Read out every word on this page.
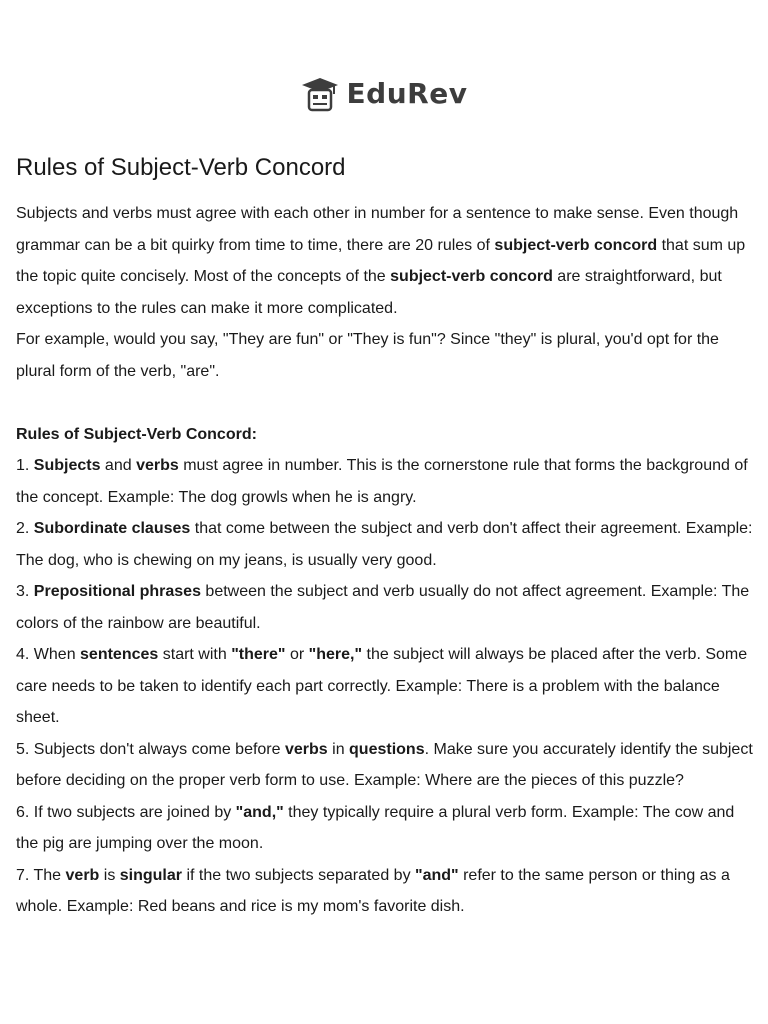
EduRev
Rules of Subject-Verb Concord

Subjects and verbs must agree with each other in number for a sentence to make sense. Even though grammar can be a bit quirky from time to time, there are 20 rules of subject-verb concord that sum up the topic quite concisely. Most of the concepts of the subject-verb concord are straightforward, but exceptions to the rules can make it more complicated.

For example, would you say, "They are fun" or "They is fun"? Since "they" is plural, you'd opt for the plural form of the verb, "are".

Rules of Subject-Verb Concord:

1. Subjects and verbs must agree in number. This is the cornerstone rule that forms the background of the concept. Example: The dog growls when he is angry.

2. Subordinate clauses that come between the subject and verb don't affect their agreement. Example: The dog, who is chewing on my jeans, is usually very good.

3. Prepositional phrases between the subject and verb usually do not affect agreement. Example: The colors of the rainbow are beautiful.

4. When sentences start with "there" or "here," the subject will always be placed after the verb. Some care needs to be taken to identify each part correctly. Example: There is a problem with the balance sheet.

5. Subjects don't always come before verbs in questions. Make sure you accurately identify the subject before deciding on the proper verb form to use. Example: Where are the pieces of this puzzle?

6. If two subjects are joined by "and," they typically require a plural verb form. Example: The cow and the pig are jumping over the moon.

7. The verb is singular if the two subjects separated by "and" refer to the same person or thing as a whole. Example: Red beans and rice is my mom's favorite dish.
